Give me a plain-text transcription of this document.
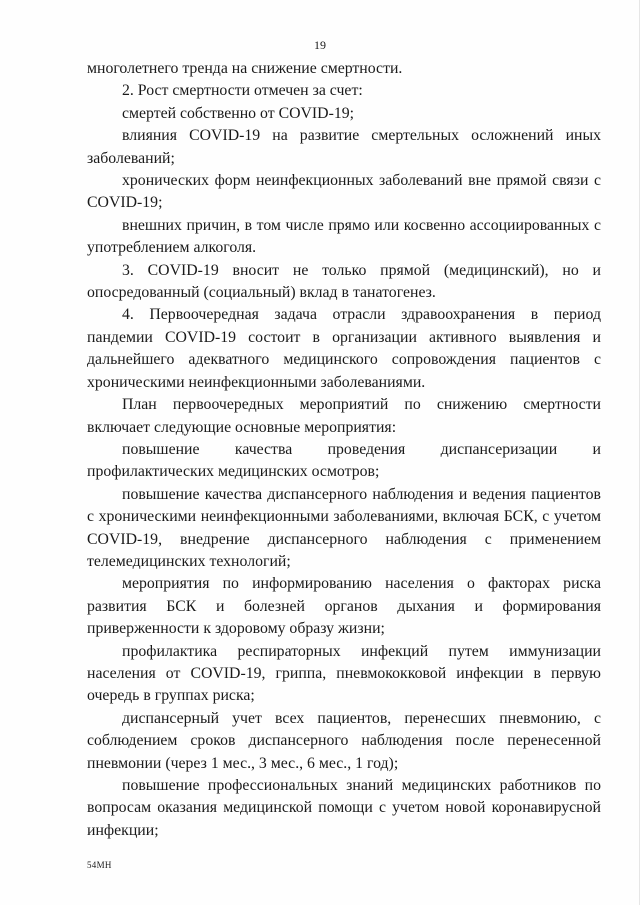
19

многолетнего тренда на снижение смертности.

2. Рост смертности отмечен за счет:

смертей собственно от COVID-19;

влияния COVID-19 на развитие смертельных осложнений иных заболеваний;

хронических форм неинфекционных заболеваний вне прямой связи с COVID-19;

внешних причин, в том числе прямо или косвенно ассоциированных с употреблением алкоголя.

3. COVID-19 вносит не только прямой (медицинский), но и опосредованный (социальный) вклад в танатогенез.

4. Первоочередная задача отрасли здравоохранения в период пандемии COVID-19 состоит в организации активного выявления и дальнейшего адекватного медицинского сопровождения пациентов с хроническими неинфекционными заболеваниями.

План первоочередных мероприятий по снижению смертности включает следующие основные мероприятия:

повышение качества проведения диспансеризации и профилактических медицинских осмотров;

повышение качества диспансерного наблюдения и ведения пациентов с хроническими неинфекционными заболеваниями, включая БСК, с учетом COVID-19, внедрение диспансерного наблюдения с применением телемедицинских технологий;

мероприятия по информированию населения о факторах риска развития БСК и болезней органов дыхания и формирования приверженности к здоровому образу жизни;

профилактика респираторных инфекций путем иммунизации населения от COVID-19, гриппа, пневмококковой инфекции в первую очередь в группах риска;

диспансерный учет всех пациентов, перенесших пневмонию, с соблюдением сроков диспансерного наблюдения после перенесенной пневмонии (через 1 мес., 3 мес., 6 мес., 1 год);

повышение профессиональных знаний медицинских работников по вопросам оказания медицинской помощи с учетом новой коронавирусной инфекции;

54МН
